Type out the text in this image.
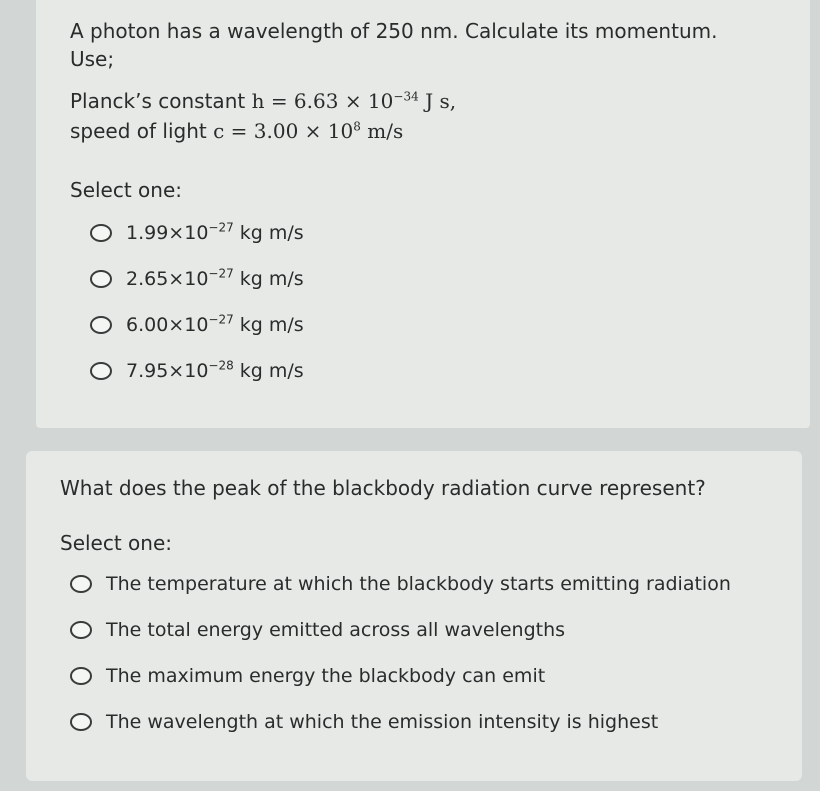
A photon has a wavelength of 250 nm. Calculate its momentum.

Use;

Planck’s constant $h = 6.63 \times 10^{-34}$ J s,

speed of light $c = 3.00 \times 10^8$ m/s

Select one:

$1.99\times 10^{-27}$ kg m/s
$2.65\times 10^{-27}$ kg m/s
$6.00\times 10^{-27}$ kg m/s
$7.95\times 10^{-28}$ kg m/s

What does the peak of the blackbody radiation curve represent?

Select one:

The temperature at which the blackbody starts emitting radiation
The total energy emitted across all wavelengths
The maximum energy the blackbody can emit
The wavelength at which the emission intensity is highest
